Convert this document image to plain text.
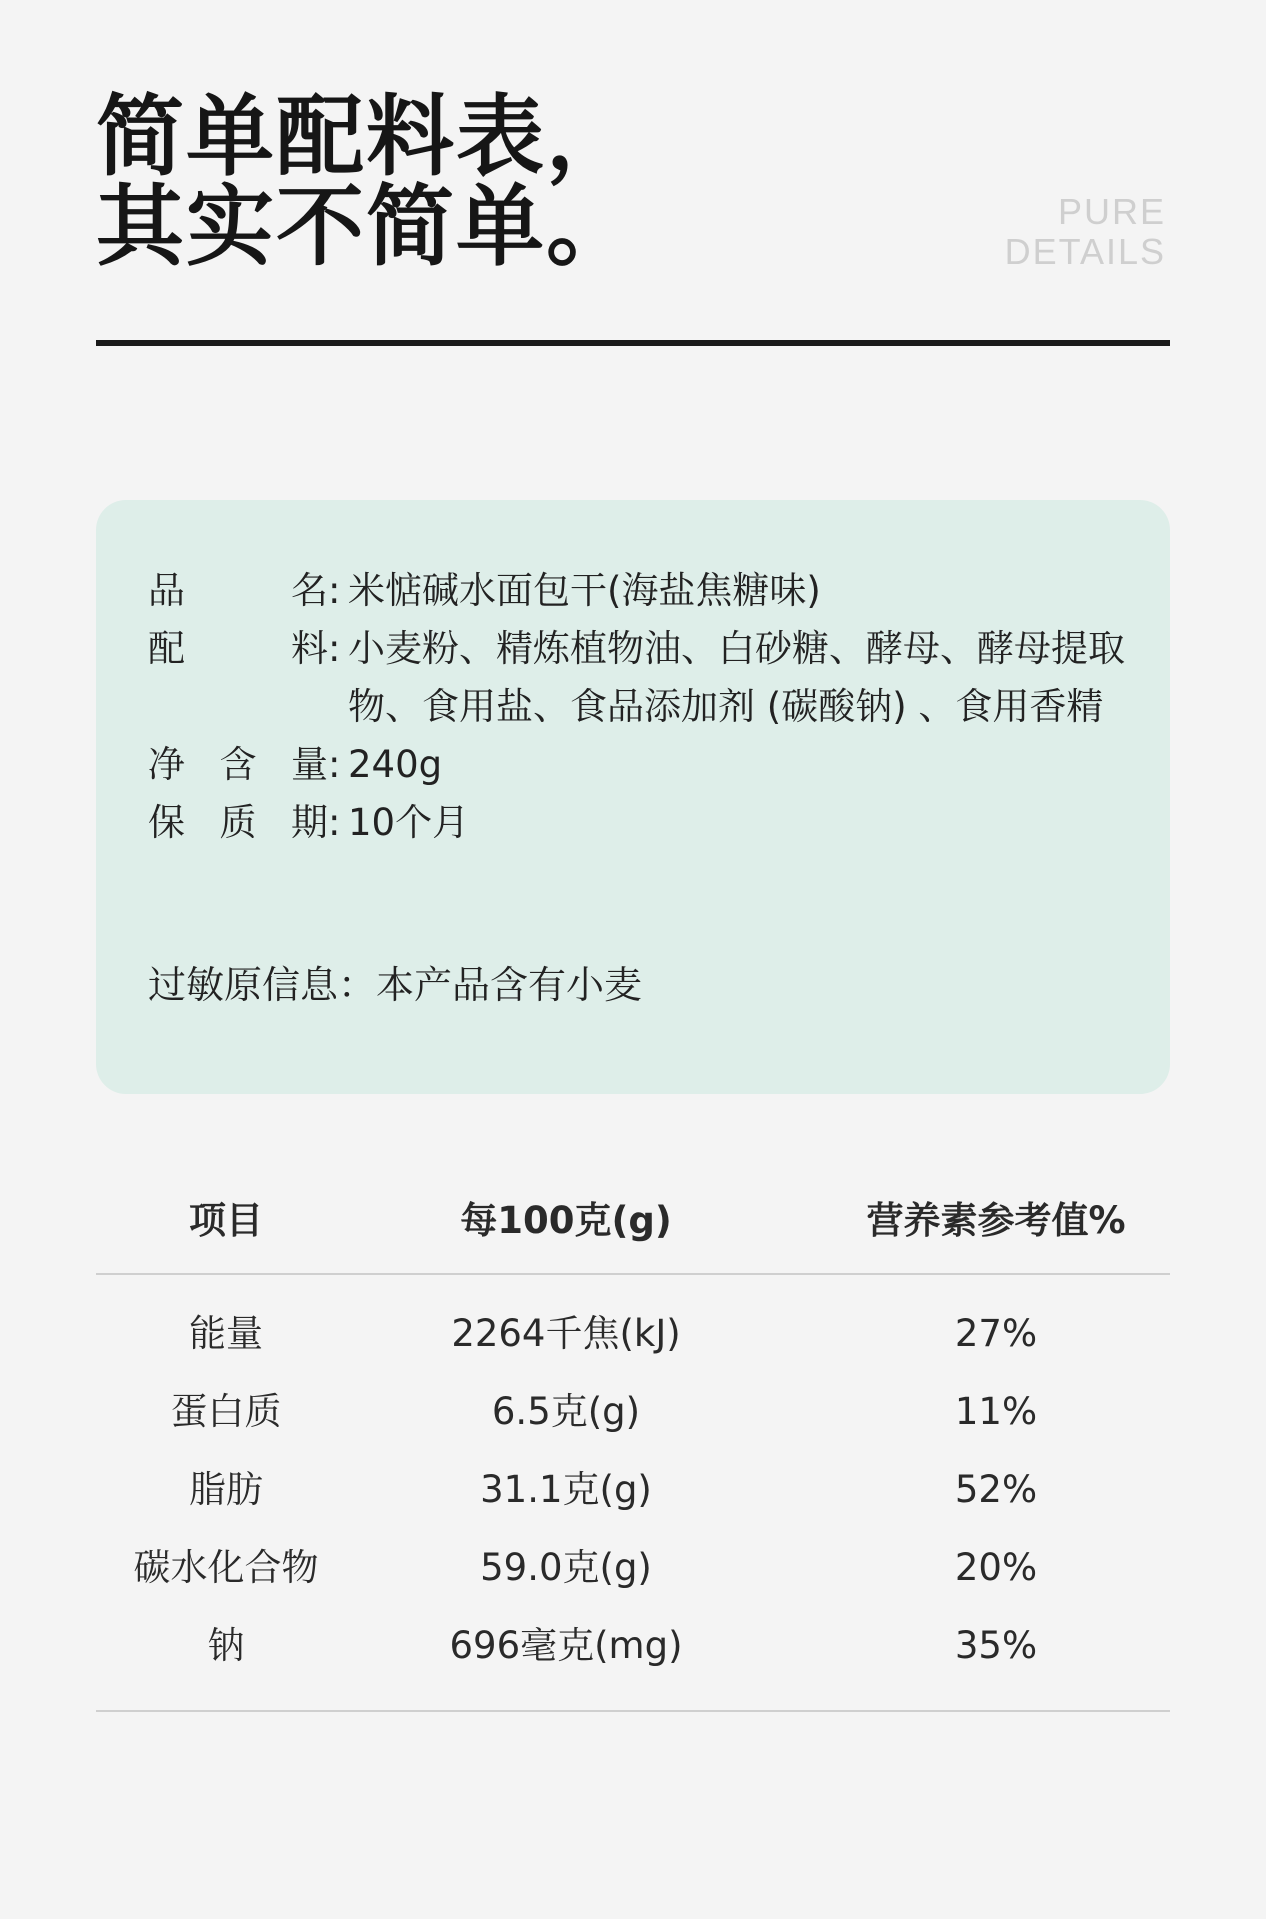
简单配料表，
其实不简单。	PURE
DETAILS
品名: 米惦碱水面包干(海盐焦糖味)
配料: 小麦粉、精炼植物油、白砂糖、酵母、酵母提取物、食用盐、食品添加剂 (碳酸钠) 、食用香精
净含量: 240g
保质期: 10个月
过敏原信息：本产品含有小麦
项目	每100克(g)	营养素参考值%
能量	2264千焦(kJ)	27%
蛋白质	6.5克(g)	11%
脂肪	31.1克(g)	52%
碳水化合物	59.0克(g)	20%
钠	696毫克(mg)	35%
